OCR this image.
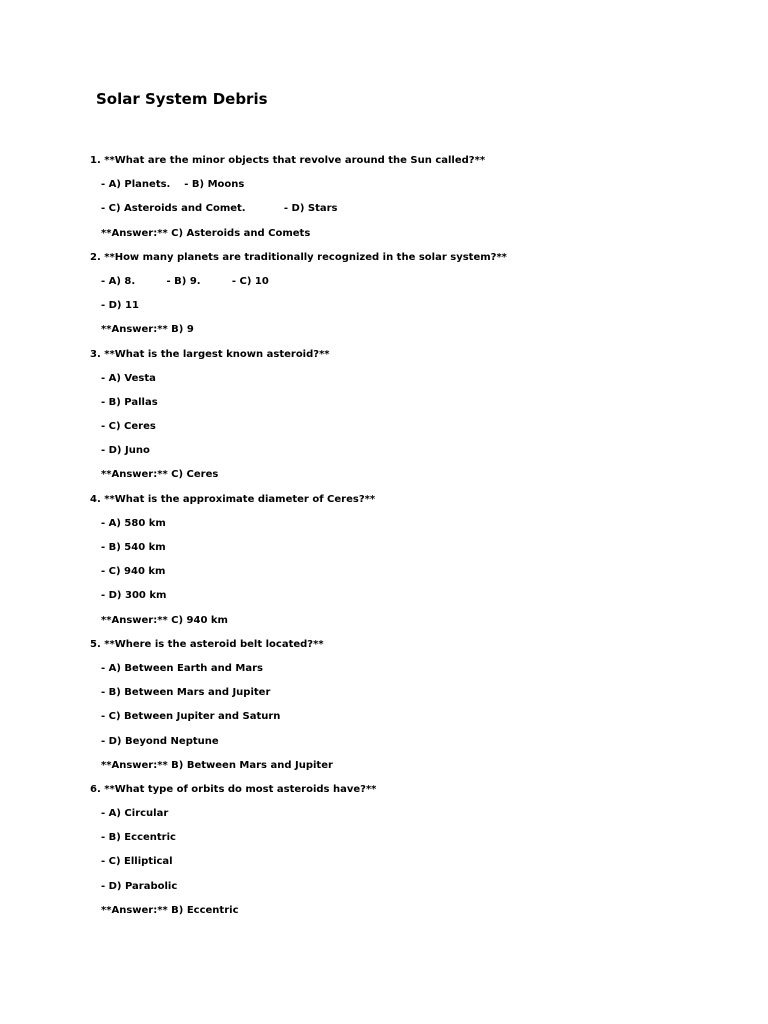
Solar System Debris
1. **What are the minor objects that revolve around the Sun called?**
- A) Planets.    - B) Moons
- C) Asteroids and Comet.           - D) Stars
**Answer:** C) Asteroids and Comets
2. **How many planets are traditionally recognized in the solar system?**
- A) 8.         - B) 9.         - C) 10
- D) 11
**Answer:** B) 9
3. **What is the largest known asteroid?**
- A) Vesta
- B) Pallas
- C) Ceres
- D) Juno
**Answer:** C) Ceres
4. **What is the approximate diameter of Ceres?**
- A) 580 km
- B) 540 km
- C) 940 km
- D) 300 km
**Answer:** C) 940 km
5. **Where is the asteroid belt located?**
- A) Between Earth and Mars
- B) Between Mars and Jupiter
- C) Between Jupiter and Saturn
- D) Beyond Neptune
**Answer:** B) Between Mars and Jupiter
6. **What type of orbits do most asteroids have?**
- A) Circular
- B) Eccentric
- C) Elliptical
- D) Parabolic
**Answer:** B) Eccentric
